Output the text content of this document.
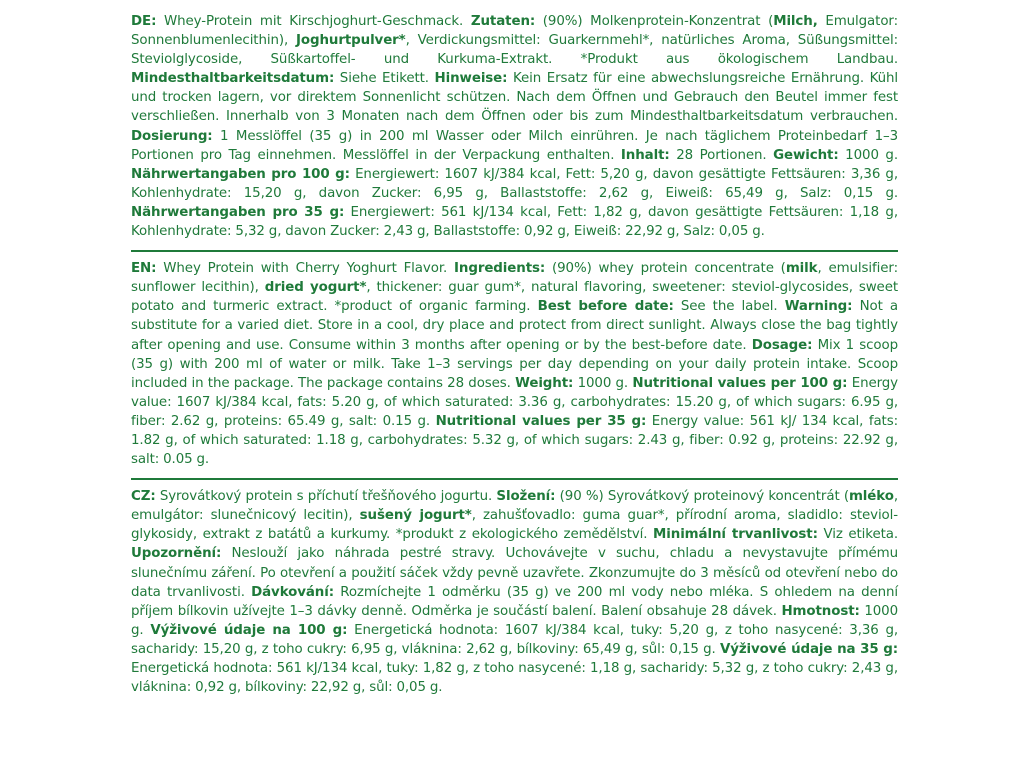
DE: Whey-Protein mit Kirschjoghurt-Geschmack. Zutaten: (90%) Molkenprotein-Konzentrat (Milch, Emulgator: Sonnenblumenlecithin), Joghurtpulver*, Verdickungsmittel: Guarkernmehl*, natürliches Aroma, Süßungsmittel: Steviolglycoside, Süßkartoffel- und Kurkuma-Extrakt. *Produkt aus ökologischem Landbau. Mindesthaltbarkeitsdatum: Siehe Etikett. Hinweise: Kein Ersatz für eine abwechslungsreiche Ernährung. Kühl und trocken lagern, vor direktem Sonnenlicht schützen. Nach dem Öffnen und Gebrauch den Beutel immer fest verschließen. Innerhalb von 3 Monaten nach dem Öffnen oder bis zum Mindesthaltbarkeitsdatum verbrauchen. Dosierung: 1 Messlöffel (35 g) in 200 ml Wasser oder Milch einrühren. Je nach täglichem Proteinbedarf 1–3 Portionen pro Tag einnehmen. Messlöffel in der Verpackung enthalten. Inhalt: 28 Portionen. Gewicht: 1000 g. Nährwertangaben pro 100 g: Energiewert: 1607 kJ/384 kcal, Fett: 5,20 g, davon gesättigte Fettsäuren: 3,36 g, Kohlenhydrate: 15,20 g, davon Zucker: 6,95 g, Ballaststoffe: 2,62 g, Eiweiß: 65,49 g, Salz: 0,15 g. Nährwertangaben pro 35 g: Energiewert: 561 kJ/134 kcal, Fett: 1,82 g, davon gesättigte Fettsäuren: 1,18 g, Kohlenhydrate: 5,32 g, davon Zucker: 2,43 g, Ballaststoffe: 0,92 g, Eiweiß: 22,92 g, Salz: 0,05 g.
EN: Whey Protein with Cherry Yoghurt Flavor. Ingredients: (90%) whey protein concentrate (milk, emulsifier: sunflower lecithin), dried yogurt*, thickener: guar gum*, natural flavoring, sweetener: steviol-glycosides, sweet potato and turmeric extract. *product of organic farming. Best before date: See the label. Warning: Not a substitute for a varied diet. Store in a cool, dry place and protect from direct sunlight. Always close the bag tightly after opening and use. Consume within 3 months after opening or by the best-before date. Dosage: Mix 1 scoop (35 g) with 200 ml of water or milk. Take 1–3 servings per day depending on your daily protein intake. Scoop included in the package. The package contains 28 doses. Weight: 1000 g. Nutritional values per 100 g: Energy value: 1607 kJ/384 kcal, fats: 5.20 g, of which saturated: 3.36 g, carbohydrates: 15.20 g, of which sugars: 6.95 g, fiber: 2.62 g, proteins: 65.49 g, salt: 0.15 g. Nutritional values per 35 g: Energy value: 561 kJ/ 134 kcal, fats: 1.82 g, of which saturated: 1.18 g, carbohydrates: 5.32 g, of which sugars: 2.43 g, fiber: 0.92 g, proteins: 22.92 g, salt: 0.05 g.
CZ: Syrovátkový protein s příchutí třešňového jogurtu. Složení: (90 %) Syrovátkový proteinový koncentrát (mléko, emulgátor: slunečnicový lecitin), sušený jogurt*, zahušťovadlo: guma guar*, přírodní aroma, sladidlo: steviol-glykosidy, extrakt z batátů a kurkumy. *produkt z ekologického zemědělství. Minimální trvanlivost: Viz etiketa. Upozornění: Neslouží jako náhrada pestré stravy. Uchovávejte v suchu, chladu a nevystavujte přímému slunečnímu záření. Po otevření a použití sáček vždy pevně uzavřete. Zkonzumujte do 3 měsíců od otevření nebo do data trvanlivosti. Dávkování: Rozmíchejte 1 odměrku (35 g) ve 200 ml vody nebo mléka. S ohledem na denní příjem bílkovin užívejte 1–3 dávky denně. Odměrka je součástí balení. Balení obsahuje 28 dávek. Hmotnost: 1000 g. Výživové údaje na 100 g: Energetická hodnota: 1607 kJ/384 kcal, tuky: 5,20 g, z toho nasycené: 3,36 g, sacharidy: 15,20 g, z toho cukry: 6,95 g, vláknina: 2,62 g, bílkoviny: 65,49 g, sůl: 0,15 g. Výživové údaje na 35 g: Energetická hodnota: 561 kJ/134 kcal, tuky: 1,82 g, z toho nasycené: 1,18 g, sacharidy: 5,32 g, z toho cukry: 2,43 g, vláknina: 0,92 g, bílkoviny: 22,92 g, sůl: 0,05 g.
